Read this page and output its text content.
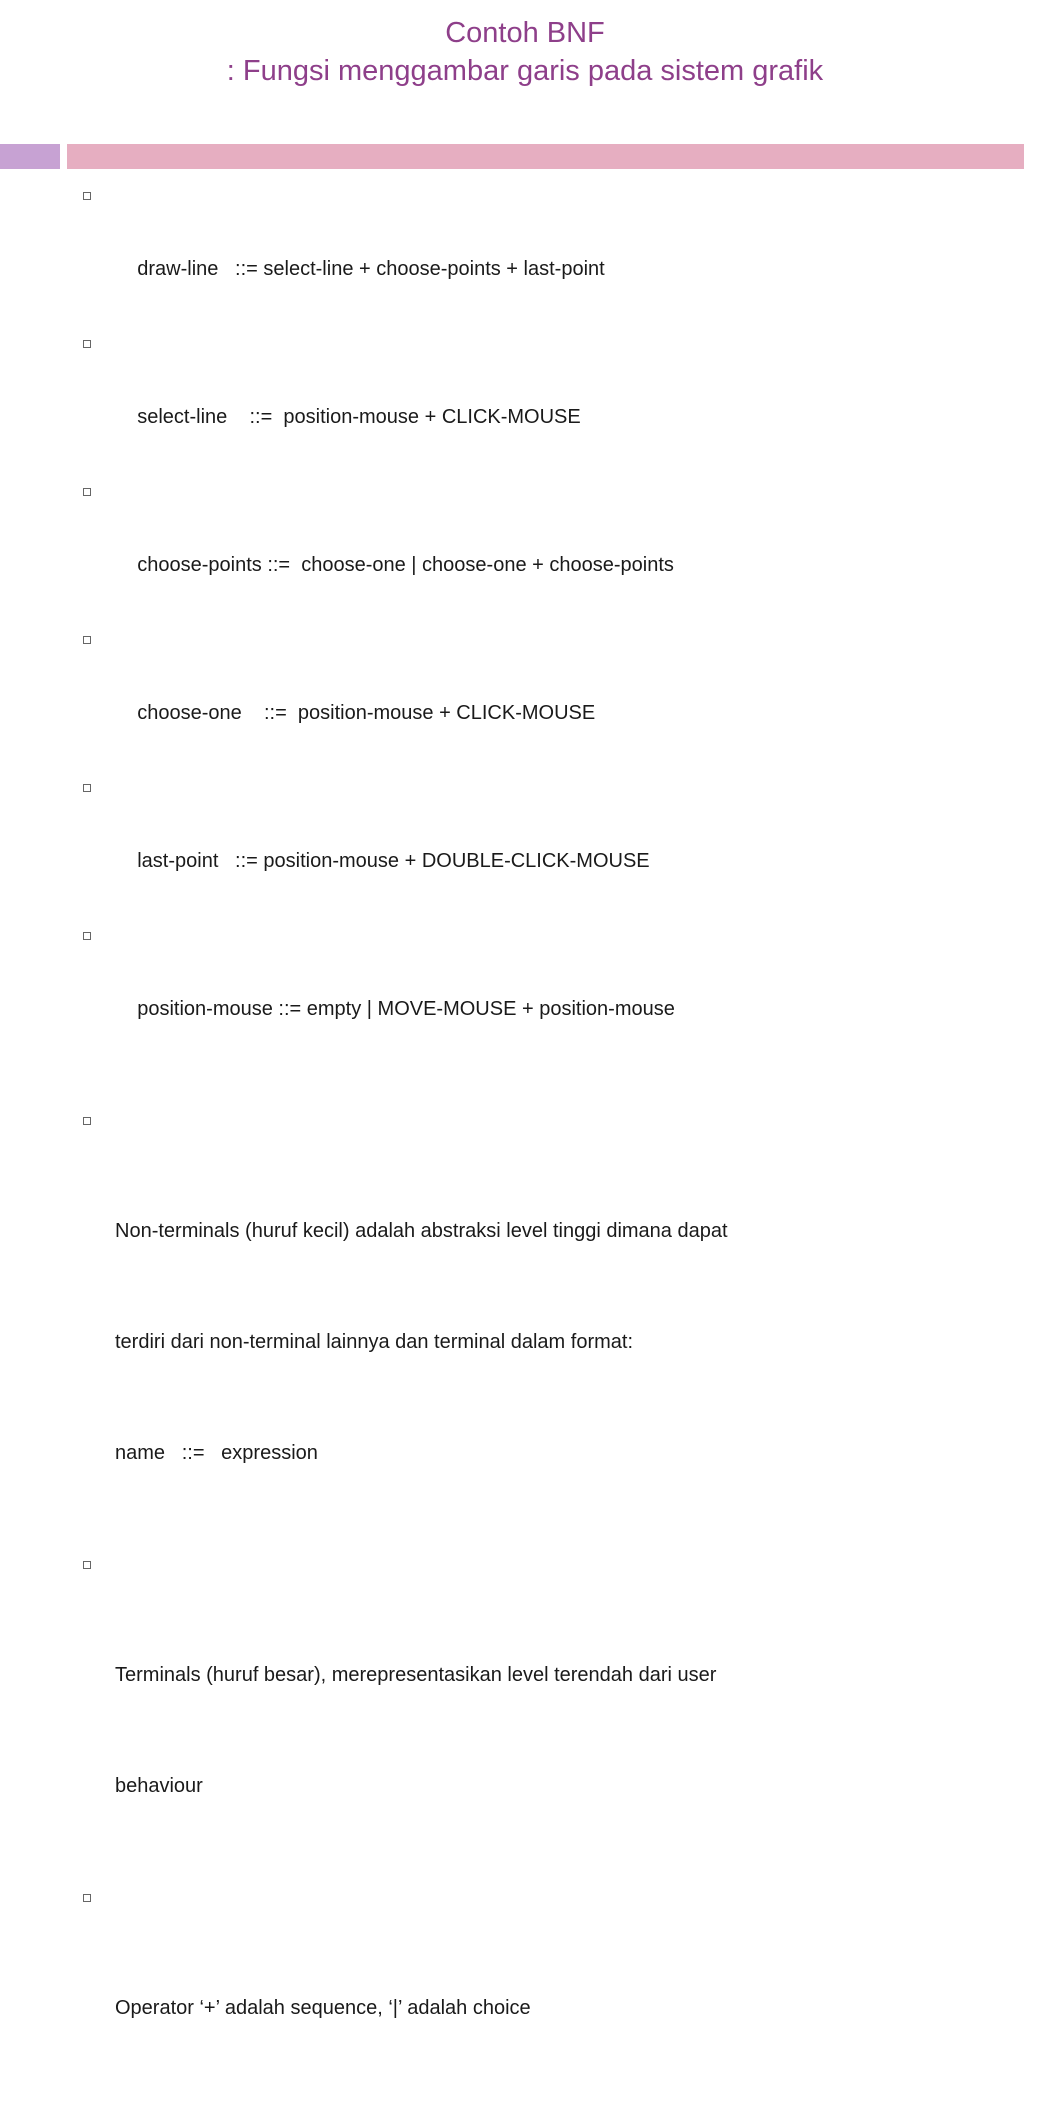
Contoh BNF
: Fungsi menggambar garis pada sistem grafik

draw-line   ::= select-line + choose-points + last-point

select-line    ::=  position-mouse + CLICK-MOUSE

choose-points ::=  choose-one | choose-one + choose-points

choose-one    ::=  position-mouse + CLICK-MOUSE

last-point   ::= position-mouse + DOUBLE-CLICK-MOUSE

position-mouse ::= empty | MOVE-MOUSE + position-mouse

Non-terminals (huruf kecil) adalah abstraksi level tinggi dimana dapat

terdiri dari non-terminal lainnya dan terminal dalam format:

name   ::=   expression

Terminals (huruf besar), merepresentasikan level terendah dari user

behaviour

Operator ‘+’ adalah sequence, ‘|’ adalah choice
